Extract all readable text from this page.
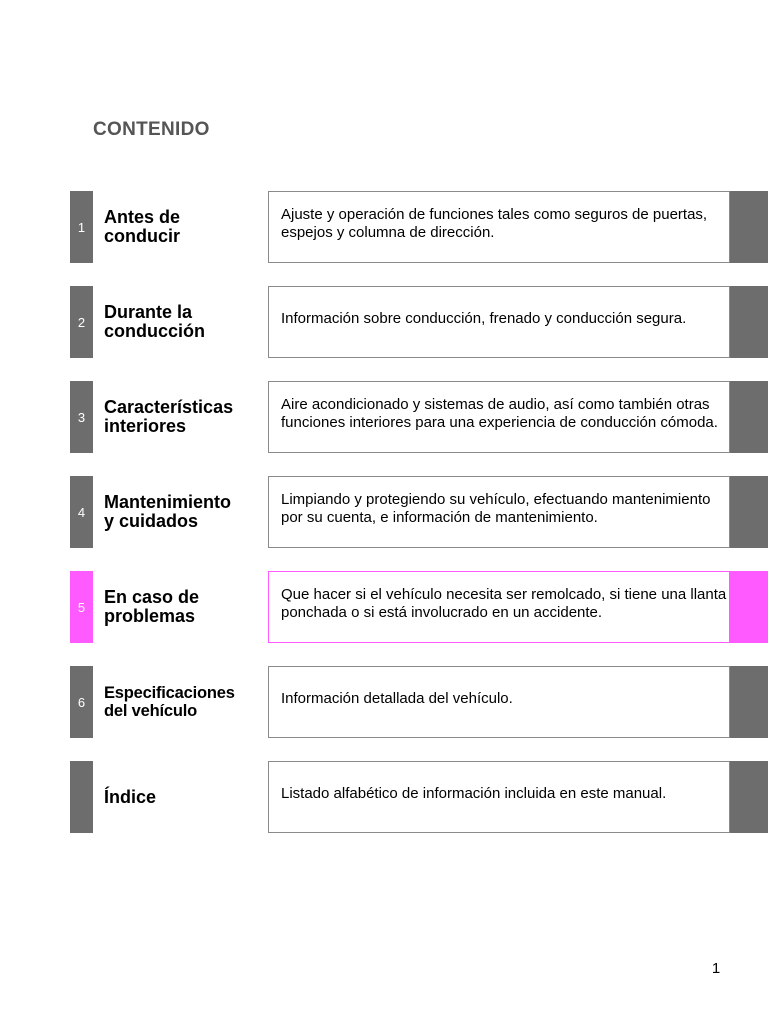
CONTENIDO
1	Antes de
conducir
Ajuste y operación de funciones tales como seguros de puertas, espejos y columna de dirección.
2	Durante la
conducción
Información sobre conducción, frenado y conducción segura.
3	Características
interiores
Aire acondicionado y sistemas de audio, así como también otras funciones interiores para una experiencia de conducción cómoda.
4	Mantenimiento
y cuidados
Limpiando y protegiendo su vehículo, efectuando mantenimiento por su cuenta, e información de mantenimiento.
5	En caso de
problemas
Que hacer si el vehículo necesita ser remolcado, si tiene una llanta ponchada o si está involucrado en un accidente.
6	Especificaciones
del vehículo
Información detallada del vehículo.
Índice	Listado alfabético de información incluida en este manual.
1
